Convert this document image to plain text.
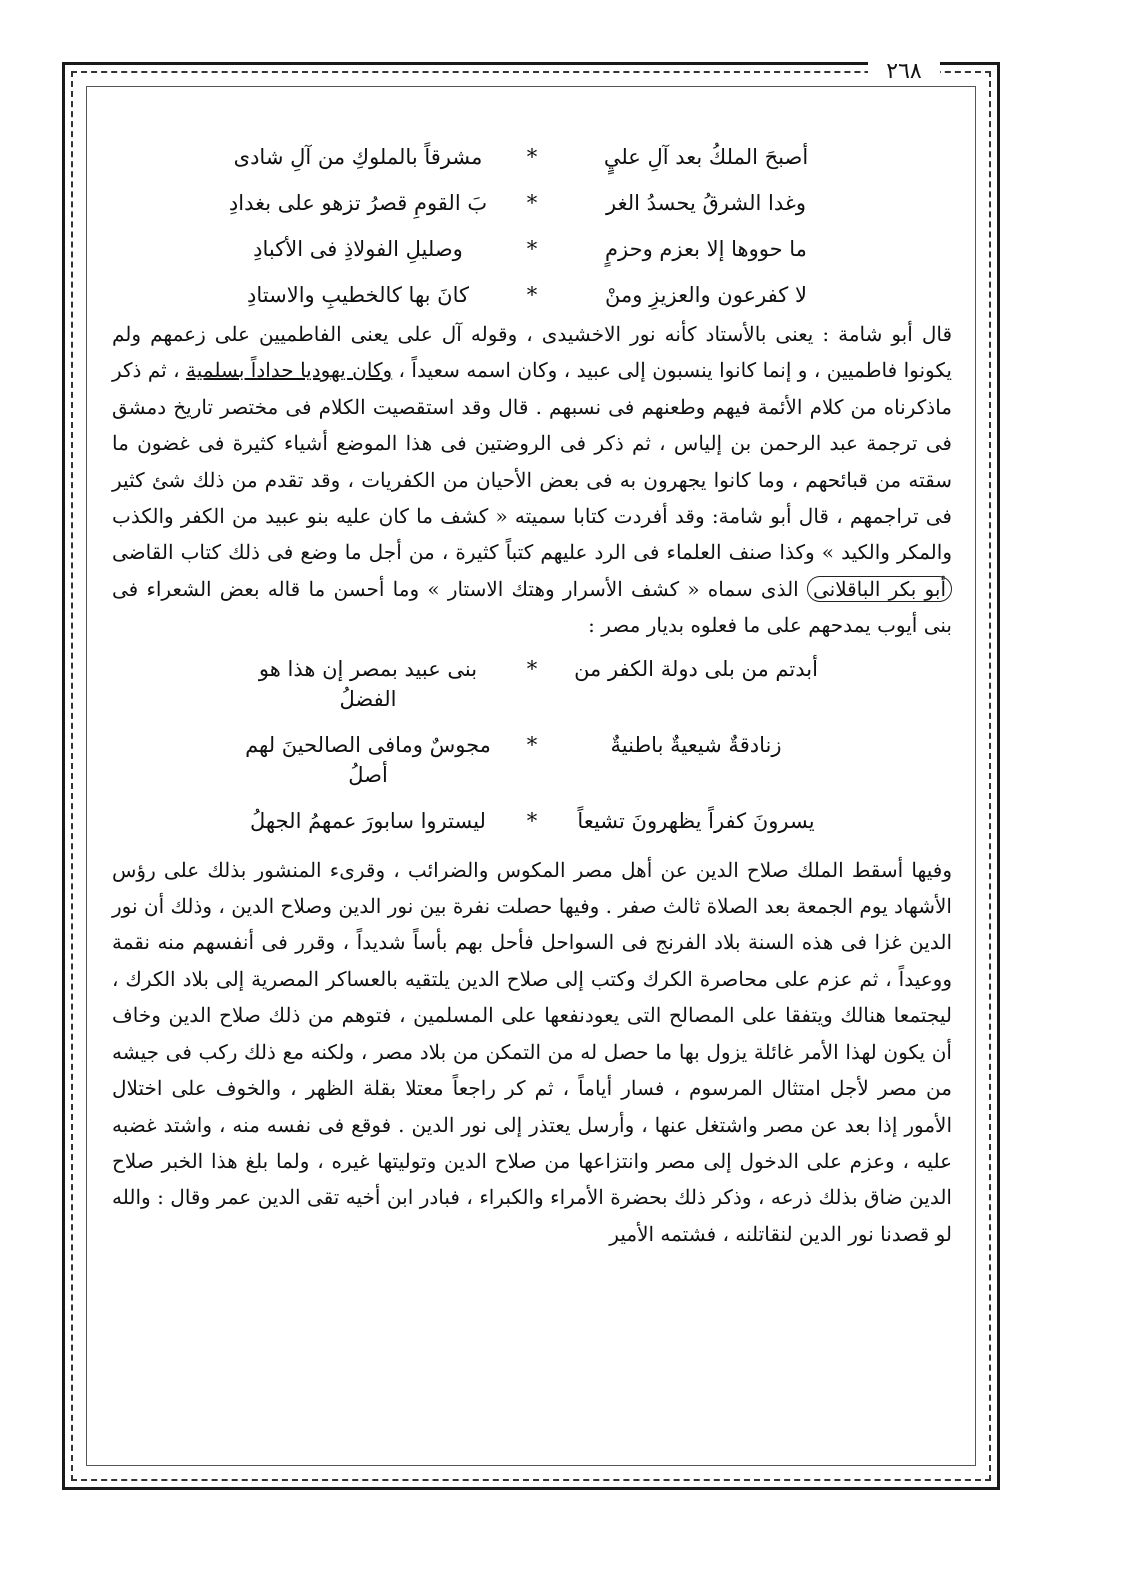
٢٦٨
أصبحَ الملكُ بعد آلِ عليٍ
*
مشرقاً بالملوكِ من آلِ شادى
وغدا الشرقُ يحسدُ الغر
*
بَ القومِ قصرُ تزهو على بغدادِ
ما حووها إلا بعزم وحزمٍ
*
وصليلِ الفولاذِ فى الأكبادِ
لا كفرعون والعزيزِ ومنْ
*
كانَ بها كالخطيبِ والاستادِ

قال أبو شامة : يعنى بالأستاد كأنه نور الاخشيدى ، وقوله آل على يعنى الفاطميين على زعمهم ولم يكونوا فاطميين ، و إنما كانوا ينسبون إلى عبيد ، وكان اسمه سعيداً ، وكان يهوديا حداداً بسلمية ، ثم ذكر ماذكرناه من كلام الأئمة فيهم وطعنهم فى نسبهم . قال وقد استقصيت الكلام فى مختصر تاريخ دمشق فى ترجمة عبد الرحمن بن إلياس ، ثم ذكر فى الروضتين فى هذا الموضع أشياء كثيرة فى غضون ما سقته من قبائحهم ، وما كانوا يجهرون به فى بعض الأحيان من الكفريات ، وقد تقدم من ذلك شئ كثير فى تراجمهم ، قال أبو شامة: وقد أفردت كتابا سميته « كشف ما كان عليه بنو عبيد من الكفر والكذب والمكر والكيد » وكذا صنف العلماء فى الرد عليهم كتباً كثيرة ، من أجل ما وضع فى ذلك كتاب القاضى أبو بكر الباقلانى الذى سماه « كشف الأسرار وهتك الاستار » وما أحسن ما قاله بعض الشعراء فى بنى أيوب يمدحهم على ما فعلوه بديار مصر :

أبدتم من بلى دولة الكفر من
*
بنى عبيد بمصر إن هذا هو الفضلُ
زنادقةٌ شيعيةٌ باطنيةٌ
*
مجوسٌ ومافى الصالحينَ لهم أصلُ
يسرونَ كفراً يظهرونَ تشيعاً
*
ليستروا سابورَ عمهمُ الجهلُ

وفيها أسقط الملك صلاح الدين عن أهل مصر المكوس والضرائب ، وقرىء المنشور بذلك على رؤس الأشهاد يوم الجمعة بعد الصلاة ثالث صفر . وفيها حصلت نفرة بين نور الدين وصلاح الدين ، وذلك أن نور الدين غزا فى هذه السنة بلاد الفرنج فى السواحل فأحل بهم بأساً شديداً ، وقرر فى أنفسهم منه نقمة ووعيداً ، ثم عزم على محاصرة الكرك وكتب إلى صلاح الدين يلتقيه بالعساكر المصرية إلى بلاد الكرك ، ليجتمعا هنالك ويتفقا على المصالح التى يعودنفعها على المسلمين ، فتوهم من ذلك صلاح الدين وخاف أن يكون لهذا الأمر غائلة يزول بها ما حصل له من التمكن من بلاد مصر ، ولكنه مع ذلك ركب فى جيشه من مصر لأجل امتثال المرسوم ، فسار أياماً ، ثم كر راجعاً معتلا بقلة الظهر ، والخوف على اختلال الأمور إذا بعد عن مصر واشتغل عنها ، وأرسل يعتذر إلى نور الدين . فوقع فى نفسه منه ، واشتد غضبه عليه ، وعزم على الدخول إلى مصر وانتزاعها من صلاح الدين وتوليتها غيره ، ولما بلغ هذا الخبر صلاح الدين ضاق بذلك ذرعه ، وذكر ذلك بحضرة الأمراء والكبراء ، فبادر ابن أخيه تقى الدين عمر وقال : والله لو قصدنا نور الدين لنقاتلنه ، فشتمه الأمير
